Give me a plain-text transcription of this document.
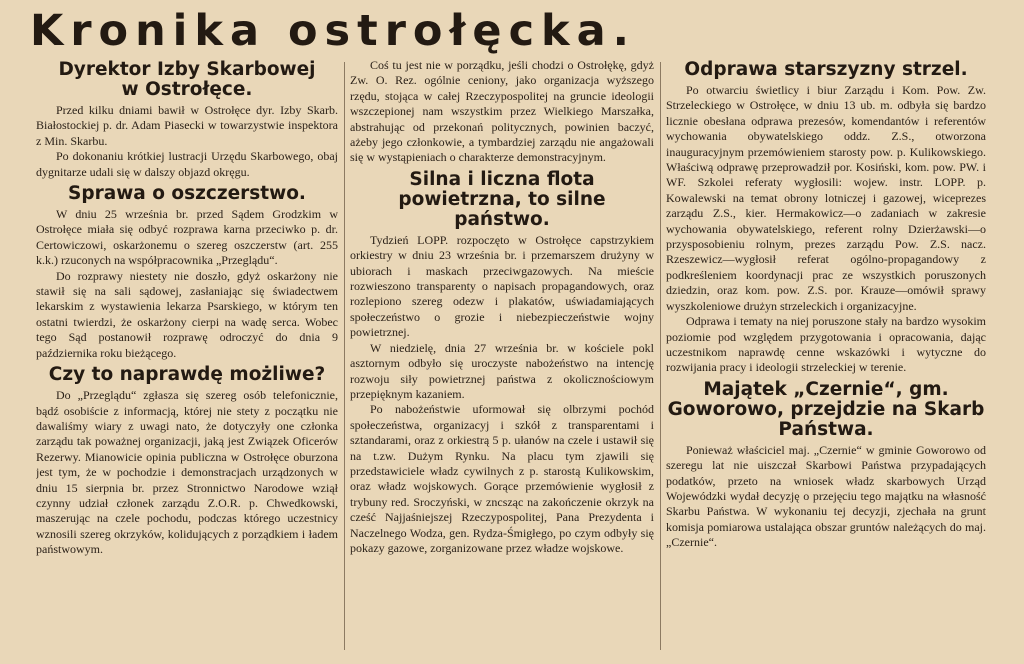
Kronika ostrołęcka.
Dyrektor Izby Skarbowej
w Ostrołęce.

Przed kilku dniami bawił w Ostrołęce dyr. Izby Skarb. Białostockiej p. dr. Adam Piasecki w towarzystwie inspektora z Min. Skarbu.

Po dokonaniu krótkiej lustracji Urzędu Skarbowego, obaj dygnitarze udali się w dalszy objazd okręgu.

Sprawa o oszczerstwo.

W dniu 25 września br. przed Sądem Grodzkim w Ostrołęce miała się odbyć rozprawa karna przeciwko p. dr. Certowiczowi, oskarżonemu o szereg oszczerstw (art. 255 k.k.) rzuconych na współpracownika „Przeglądu“.

Do rozprawy niestety nie doszło, gdyż oskarżony nie stawił się na sali sądowej, zasłaniając się świadectwem lekarskim z wystawienia lekarza Psarskiego, w którym ten ostatni twierdzi, że oskarżony cierpi na wadę serca. Wobec tego Sąd postanowił rozprawę odroczyć do dnia 9 października roku bieżącego.

Czy to naprawdę możliwe?

Do „Przeglądu“ zgłasza się szereg osób telefonicznie, bądź osobiście z informacją, której nie stety z początku nie dawaliśmy wiary z uwagi nato, że dotyczyły one członka zarządu tak poważnej organizacji, jaką jest Związek Oficerów Rezerwy. Mianowicie opinia publiczna w Ostrołęce oburzona jest tym, że w pochodzie i demonstracjach urządzonych w dniu 15 sierpnia br. przez Stronnictwo Narodowe wziął czynny udział członek zarządu Z.O.R. p. Chwedkowski, maszerując na czele pochodu, podczas którego uczestnicy wznosili szereg okrzyków, kolidujących z porządkiem i ładem państwowym.

Coś tu jest nie w porządku, jeśli chodzi o Ostrołękę, gdyż Zw. O. Rez. ogólnie ceniony, jako organizacja wyższego rzędu, stojąca w całej Rzeczypospolitej na gruncie ideologii wszczepionej nam wszystkim przez Wielkiego Marszałka, abstrahując od przekonań politycznych, powinien baczyć, ażeby jego członkowie, a tymbardziej zarządu nie angażowali się w wystąpieniach o charakterze demonstracyjnym.

Silna i liczna flota powietrzna, to silne państwo.

Tydzień LOPP. rozpoczęto w Ostrołęce capstrzykiem orkiestry w dniu 23 września br. i przemarszem drużyny w ubiorach i maskach przeciwgazowych. Na mieście rozwieszono transparenty o napisach propagandowych, oraz rozlepiono szereg odezw i plakatów, uświadamiających społeczeństwo o grozie i niebezpieczeństwie wojny powietrznej.

W niedzielę, dnia 27 września br. w kościele pokl​asztornym odbyło się uroczyste nabożeństwo na intencję rozwoju siły powietrznej państwa z okolicznościowym przepięknym kazaniem.

Po nabożeństwie uformował się olbrzymi pochód społeczeństwa, organizacyj i szkół z transparentami i sztandarami, oraz z orkiestrą 5 p. ułanów na czele i ustawił się na t.zw. Dużym Rynku. Na placu tym zjawili się przedstawiciele władz cywilnych z p. starostą Kulikowskim, oraz władz wojskowych. Gorące przemówienie wygłosił z trybuny red. Sroczyński, w zncsząc na zakończenie okrzyk na cześć Najjaśniejszej Rzeczypospolitej, Pana Prezydenta i Naczelnego Wodza, gen. Rydza-Śmigłego, po czym odbyły się pokazy gazowe, zorganizowane przez władze wojskowe.

Odprawa starszyzny strzel.

Po otwarciu świetlicy i biur Zarządu i Kom. Pow. Zw. Strzeleckiego w Ostrołęce, w dniu 13 ub. m. odbyła się bardzo licznie obesłana odprawa prezesów, komendantów i referentów wychowania obywatelskiego oddz. Z.S., otworzona inauguracyjnym przemówieniem starosty pow. p. Kulikowskiego. Właściwą odprawę przeprowadził por. Kosiński, kom. pow. PW. i WF. Szkolei referaty wygłosili: wojew. instr. LOPP. p. Kowalewski na temat obrony lotniczej i gazowej, wiceprezes zarządu Z.S., kier. Hermakowicz—o zadaniach w zakresie wychowania obywatelskiego, referent rolny Dzierżawski—o przysposobieniu rolnym, prezes zarządu Pow. Z.S. nacz. Rzeszewicz—wygłosił referat ogólno-propagandowy z podkreśleniem koordynacji prac ze wszystkich poruszonych dziedzin, oraz kom. pow. Z.S. por. Krauze—omówił sprawy wyszkoleniowe drużyn strzeleckich i organizacyjne.

Odprawa i tematy na niej poruszone stały na bardzo wysokim poziomie pod względem przygotowania i opracowania, dając uczestnikom naprawdę cenne wskazówki i wytyczne do rozwijania pracy i ideologii strzeleckiej w terenie.

Majątek „Czernie“, gm. Goworowo, przejdzie na Skarb Państwa.

Ponieważ właściciel maj. „Czernie“ w gminie Goworowo od szeregu lat nie uiszczał Skarbowi Państwa przypadających podatków, przeto na wniosek władz skarbowych Urząd Wojewódzki wydał decyzję o przejęciu tego majątku na własność Skarbu Państwa. W wykonaniu tej decyzji, zjechała na grunt komisja pomiarowa ustalająca obszar gruntów należących do maj. „Czernie“.
